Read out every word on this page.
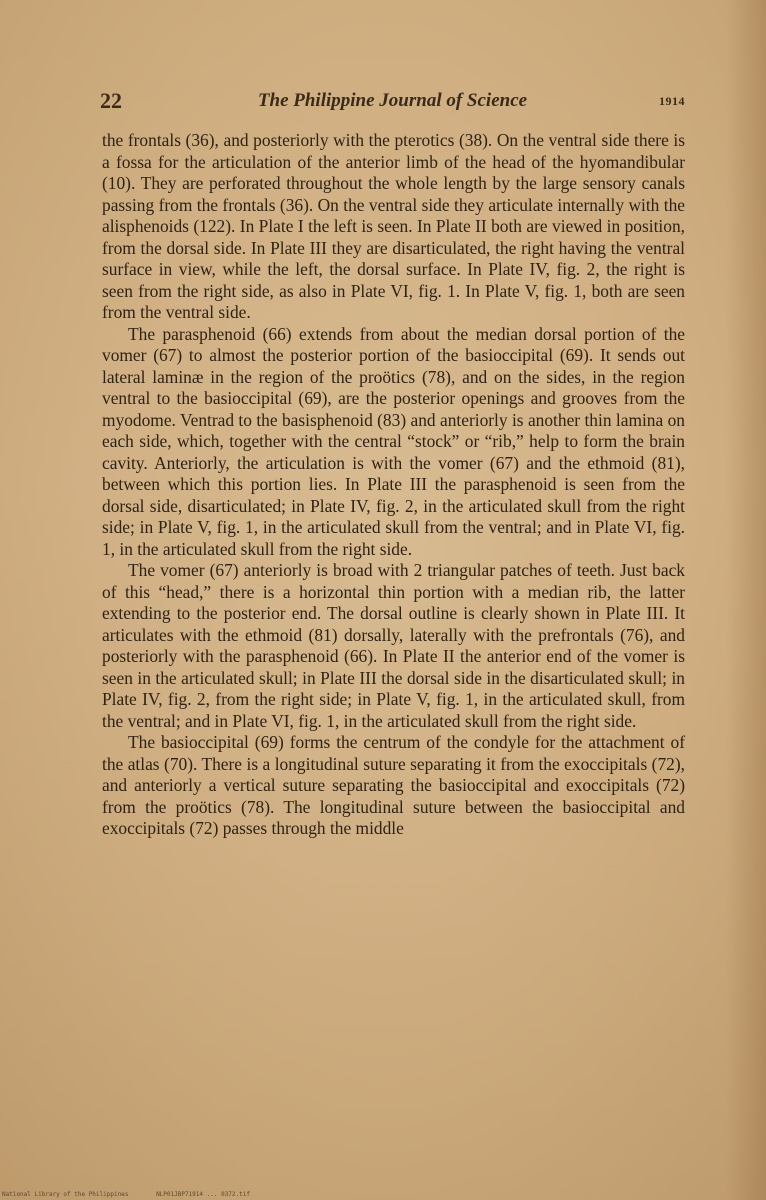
22	The Philippine Journal of Science	1914

the frontals (36), and posteriorly with the pterotics (38). On the ventral side there is a fossa for the articulation of the anterior limb of the head of the hyomandibular (10). They are perforated throughout the whole length by the large sensory canals passing from the frontals (36). On the ventral side they articulate internally with the alisphenoids (122). In Plate I the left is seen. In Plate II both are viewed in position, from the dorsal side. In Plate III they are disarticulated, the right having the ventral surface in view, while the left, the dorsal surface. In Plate IV, fig. 2, the right is seen from the right side, as also in Plate VI, fig. 1. In Plate V, fig. 1, both are seen from the ventral side.

The parasphenoid (66) extends from about the median dorsal portion of the vomer (67) to almost the posterior portion of the basioccipital (69). It sends out lateral laminæ in the region of the proötics (78), and on the sides, in the region ventral to the basioccipital (69), are the posterior openings and grooves from the myodome. Ventrad to the basisphenoid (83) and anteriorly is another thin lamina on each side, which, together with the central “stock” or “rib,” help to form the brain cavity. Anteriorly, the articulation is with the vomer (67) and the ethmoid (81), between which this portion lies. In Plate III the parasphenoid is seen from the dorsal side, disarticulated; in Plate IV, fig. 2, in the articulated skull from the right side; in Plate V, fig. 1, in the articulated skull from the ventral; and in Plate VI, fig. 1, in the articulated skull from the right side.

The vomer (67) anteriorly is broad with 2 triangular patches of teeth. Just back of this “head,” there is a horizontal thin portion with a median rib, the latter extending to the posterior end. The dorsal outline is clearly shown in Plate III. It articulates with the ethmoid (81) dorsally, laterally with the prefrontals (76), and posteriorly with the parasphenoid (66). In Plate II the anterior end of the vomer is seen in the articulated skull; in Plate III the dorsal side in the disarticulated skull; in Plate IV, fig. 2, from the right side; in Plate V, fig. 1, in the articulated skull, from the ventral; and in Plate VI, fig. 1, in the articulated skull from the right side.

The basioccipital (69) forms the centrum of the condyle for the attachment of the atlas (70). There is a longitudinal suture separating it from the exoccipitals (72), and anteriorly a vertical suture separating the basioccipital and exoccipitals (72) from the proötics (78). The longitudinal suture between the basioccipital and exoccipitals (72) passes through the middle

National Library of the Philippines	NLP01JBP71914 ... 0372.tif
